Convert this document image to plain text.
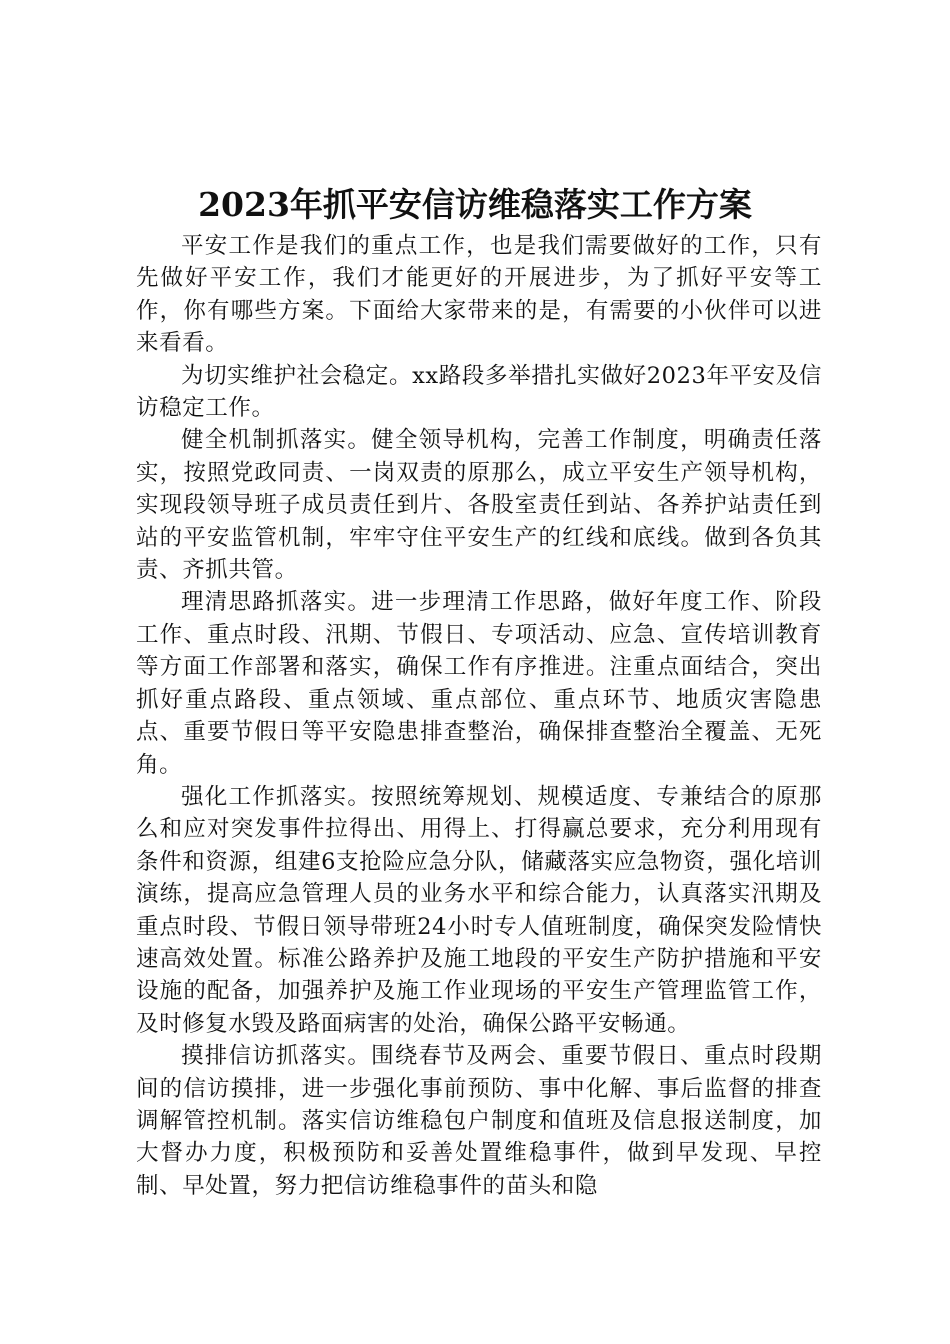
2023年抓平安信访维稳落实工作方案

平安工作是我们的重点工作，也是我们需要做好的工作，只有先做好平安工作，我们才能更好的开展进步，为了抓好平安等工作，你有哪些方案。下面给大家带来的是，有需要的小伙伴可以进来看看。

为切实维护社会稳定。xx路段多举措扎实做好2023年平安及信访稳定工作。

健全机制抓落实。健全领导机构，完善工作制度，明确责任落实，按照党政同责、一岗双责的原那么，成立平安生产领导机构，实现段领导班子成员责任到片、各股室责任到站、各养护站责任到站的平安监管机制，牢牢守住平安生产的红线和底线。做到各负其责、齐抓共管。

理清思路抓落实。进一步理清工作思路，做好年度工作、阶段工作、重点时段、汛期、节假日、专项活动、应急、宣传培训教育等方面工作部署和落实，确保工作有序推进。注重点面结合，突出抓好重点路段、重点领域、重点部位、重点环节、地质灾害隐患点、重要节假日等平安隐患排查整治，确保排查整治全覆盖、无死角。

强化工作抓落实。按照统筹规划、规模适度、专兼结合的原那么和应对突发事件拉得出、用得上、打得赢总要求，充分利用现有条件和资源，组建6支抢险应急分队，储藏落实应急物资，强化培训演练，提高应急管理人员的业务水平和综合能力，认真落实汛期及重点时段、节假日领导带班24小时专人值班制度，确保突发险情快速高效处置。标准公路养护及施工地段的平安生产防护措施和平安设施的配备，加强养护及施工作业现场的平安生产管理监管工作，及时修复水毁及路面病害的处治，确保公路平安畅通。

摸排信访抓落实。围绕春节及两会、重要节假日、重点时段期间的信访摸排，进一步强化事前预防、事中化解、事后监督的排查调解管控机制。落实信访维稳包户制度和值班及信息报送制度，加大督办力度，积极预防和妥善处置维稳事件，做到早发现、早控制、早处置，努力把信访维稳事件的苗头和隐
